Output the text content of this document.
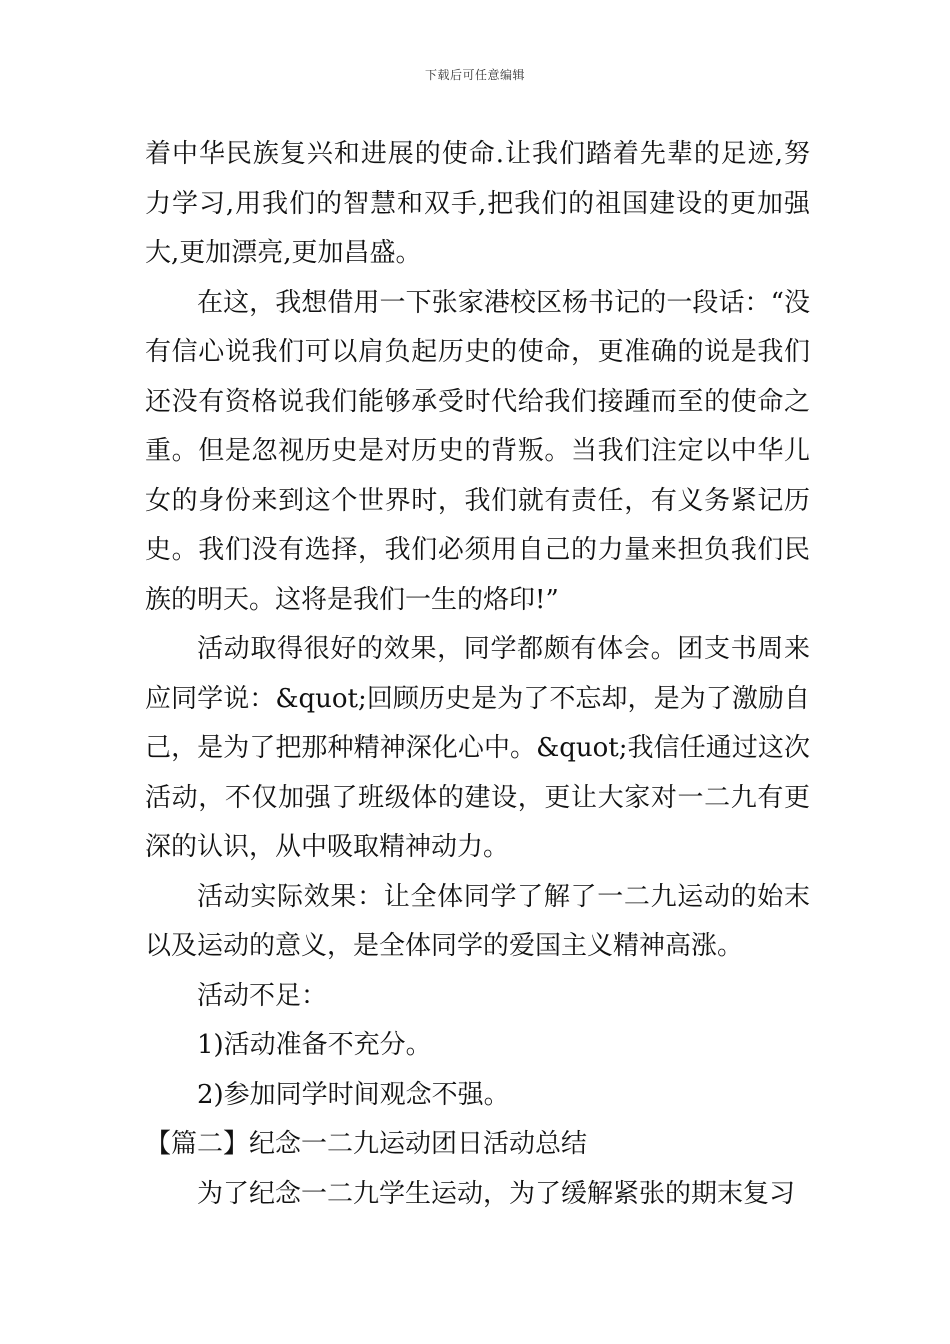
下载后可任意编辑

着中华民族复兴和进展的使命.让我们踏着先辈的足迹,努力学习,用我们的智慧和双手,把我们的祖国建设的更加强大,更加漂亮,更加昌盛。

在这，我想借用一下张家港校区杨书记的一段话：“没有信心说我们可以肩负起历史的使命，更准确的说是我们还没有资格说我们能够承受时代给我们接踵而至的使命之重。但是忽视历史是对历史的背叛。当我们注定以中华儿女的身份来到这个世界时，我们就有责任，有义务紧记历史。我们没有选择，我们必须用自己的力量来担负我们民族的明天。这将是我们一生的烙印!”

活动取得很好的效果，同学都颇有体会。团支书周来应同学说：&quot;回顾历史是为了不忘却，是为了激励自己，是为了把那种精神深化心中。&quot;我信任通过这次活动，不仅加强了班级体的建设，更让大家对一二九有更深的认识，从中吸取精神动力。

活动实际效果：让全体同学了解了一二九运动的始末以及运动的意义，是全体同学的爱国主义精神高涨。

活动不足：

1)活动准备不充分。

2)参加同学时间观念不强。

【篇二】纪念一二九运动团日活动总结

为了纪念一二九学生运动，为了缓解紧张的期末复习
